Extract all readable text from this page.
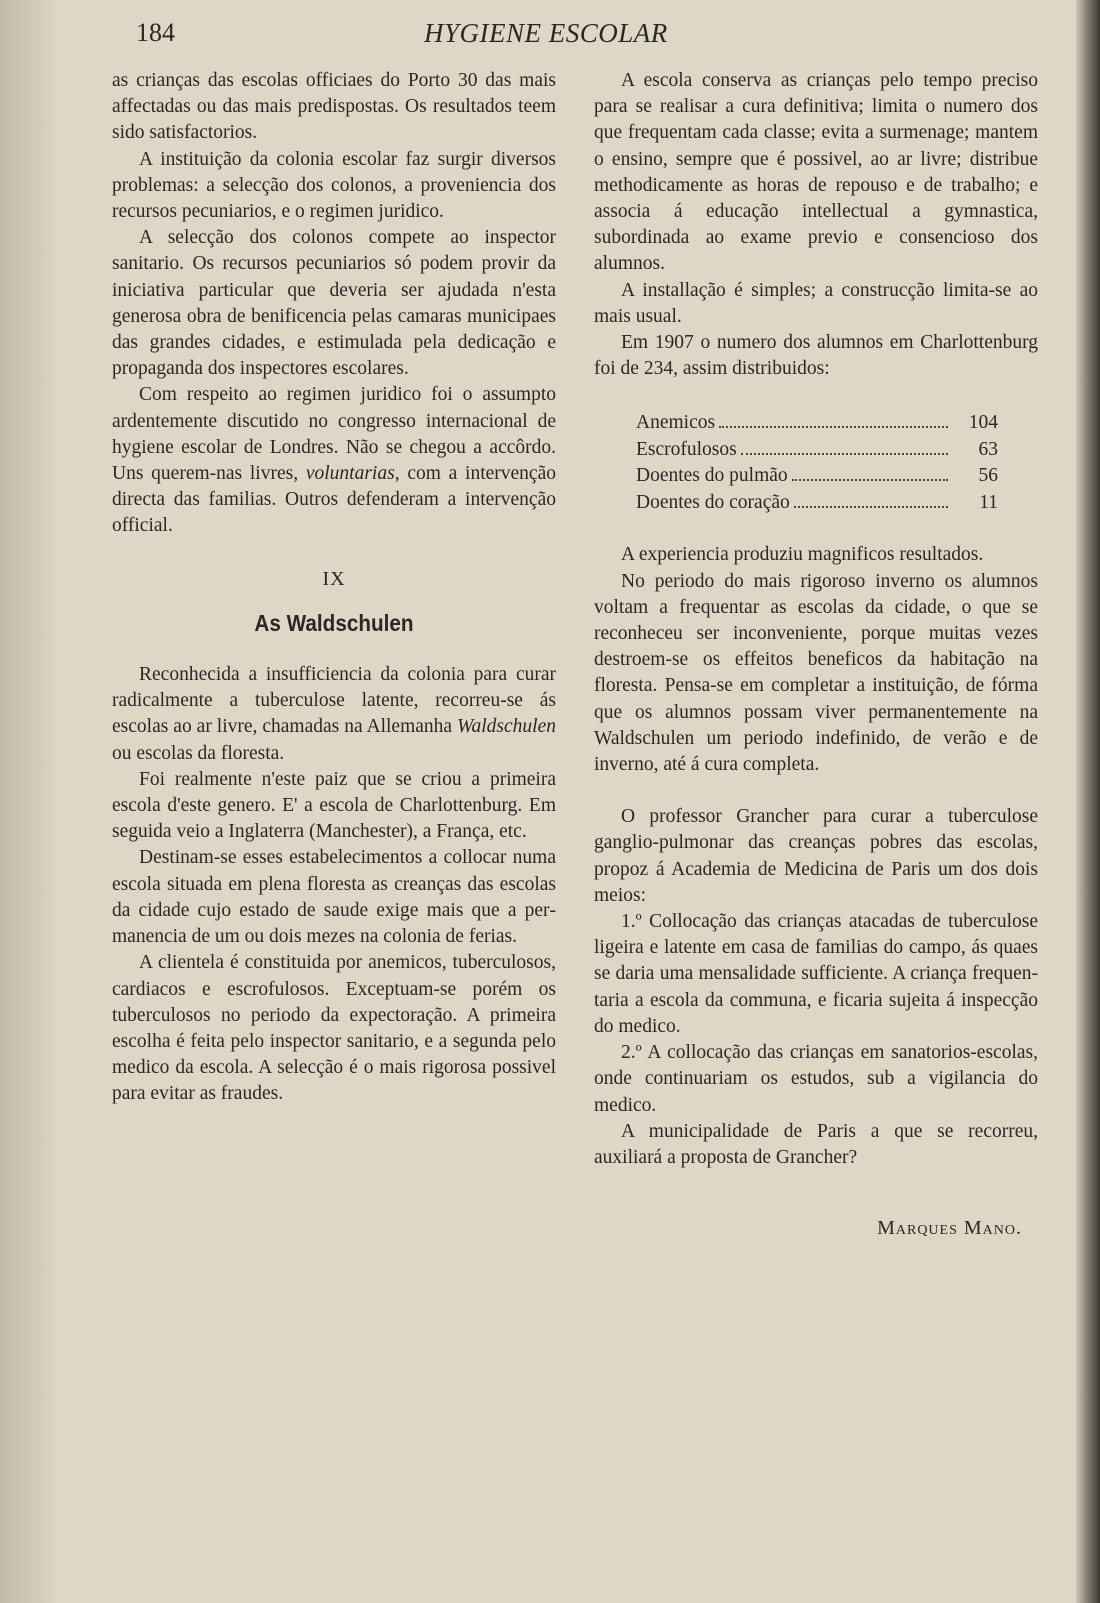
184	HYGIENE ESCOLAR

as crianças das escolas officiaes do Porto 30 das mais affectadas ou das mais predispostas. Os resultados teem sido satisfactorios.

A instituição da colonia escolar faz surgir diversos problemas: a selecção dos colonos, a proveniencia dos recursos pecuniarios, e o regimen juridico.

A selecção dos colonos compete ao inspector sanitario. Os recursos pecuniarios só podem provir da iniciativa particular que deveria ser ajudada n'esta generosa obra de benificencia pelas camaras municipaes das grandes cidades, e estimulada pela dedicação e propaganda dos inspectores escolares.

Com respeito ao regimen juridico foi o assumpto ardentemente discutido no congresso internacional de hygiene escolar de Londres. Não se chegou a accôrdo. Uns querem-nas livres, voluntarias, com a intervenção directa das familias. Outros defenderam a intervenção official.

IX
As Waldschulen

Reconhecida a insufficiencia da colonia para curar radicalmente a tuberculose latente, recorreu-se ás escolas ao ar livre, chamadas na Allemanha Waldschulen ou escolas da floresta.

Foi realmente n'este paiz que se criou a primeira escola d'este genero. E' a escola de Charlottenburg. Em seguida veio a Inglaterra (Manchester), a França, etc.

Destinam-se esses estabelecimentos a collocar numa escola situada em plena floresta as creanças das escolas da cidade cujo estado de saude exige mais que a permanencia de um ou dois mezes na colonia de ferias.

A clientela é constituida por anemicos, tuberculosos, cardiacos e escrofulosos. Exceptuam-se porém os tuberculosos no periodo da expectoração. A primeira escolha é feita pelo inspector sanitario, e a segunda pelo medico da escola. A selecção é o mais rigorosa possivel para evitar as fraudes.

A escola conserva as crianças pelo tempo preciso para se realisar a cura definitiva; limita o numero dos que frequentam cada classe; evita a surmenage; mantem o ensino, sempre que é possivel, ao ar livre; distribue methodicamente as horas de repouso e de trabalho; e associa á educação intellectual a gymnastica, subordinada ao exame previo e consencioso dos alumnos.

A installação é simples; a construcção limita-se ao mais usual.

Em 1907 o numero dos alumnos em Charlottenburg foi de 234, assim distribuidos:

Anemicos	104
Escrofulosos	63
Doentes do pulmão	56
Doentes do coração	11

A experiencia produziu magnificos resultados.

No periodo do mais rigoroso inverno os alumnos voltam a frequentar as escolas da cidade, o que se reconheceu ser inconveniente, porque muitas vezes destroem-se os effeitos beneficos da habitação na floresta. Pensa-se em completar a instituição, de fórma que os alumnos possam viver permanentemente na Waldschulen um periodo indefinido, de verão e de inverno, até á cura completa.

O professor Grancher para curar a tuberculose ganglio-pulmonar das creanças pobres das escolas, propoz á Academia de Medicina de Paris um dos dois meios:

1.º Collocação das crianças atacadas de tuberculose ligeira e latente em casa de familias do campo, ás quaes se daria uma mensalidade sufficiente. A criança frequentaria a escola da communa, e ficaria sujeita á inspecção do medico.

2.º A collocação das crianças em sanatorios-escolas, onde continuariam os estudos, sub a vigilancia do medico.

A municipalidade de Paris a que se recorreu, auxiliará a proposta de Grancher?

Marques Mano.
